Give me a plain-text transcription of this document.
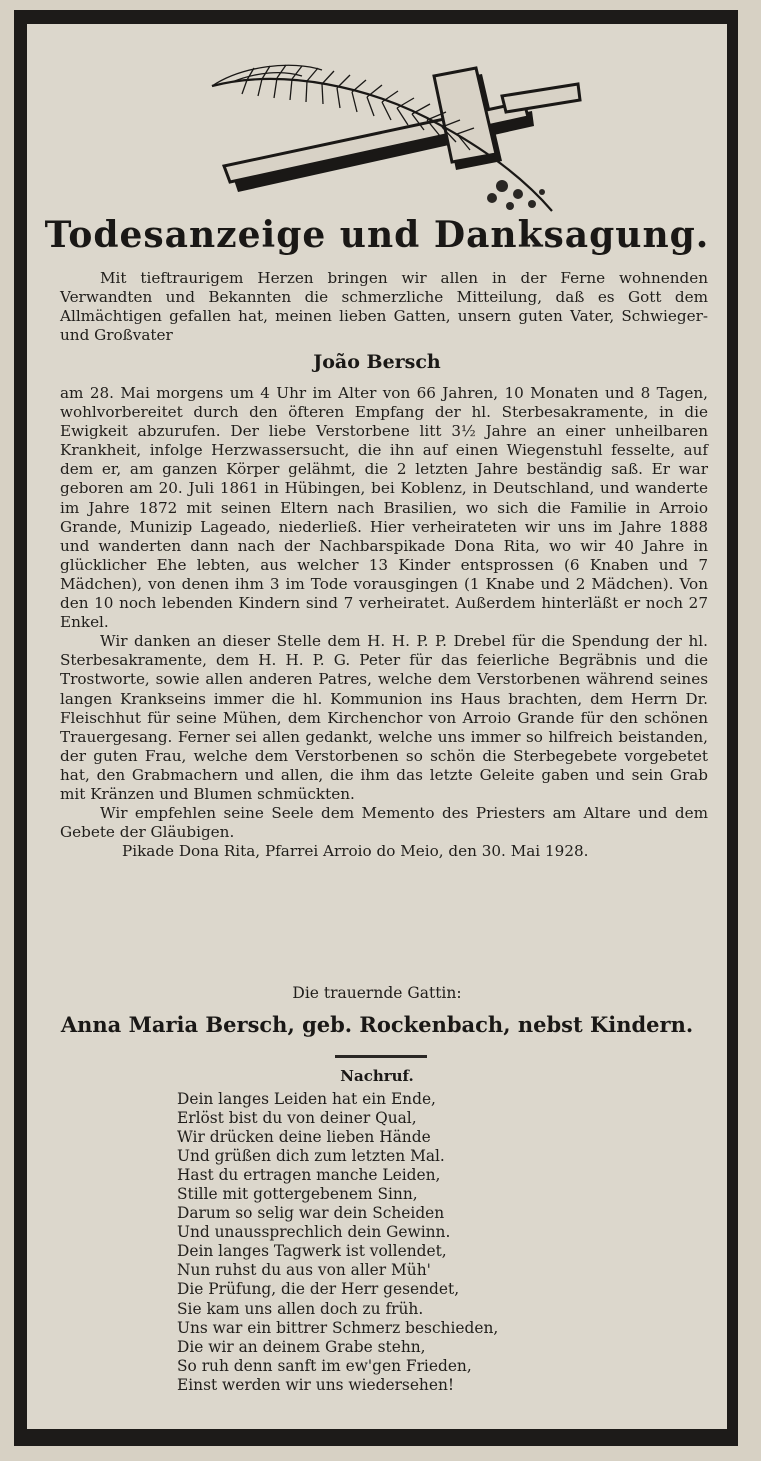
Todesanzeige und Danksagung.
Mit tieftraurigem Herzen bringen wir allen in der Ferne wohnenden Verwandten und Bekannten die schmerzliche Mitteilung, daß es Gott dem Allmächtigen gefallen hat, meinen lieben Gatten, unsern guten Vater, Schwieger- und Großvater
João Bersch

am 28. Mai morgens um 4 Uhr im Alter von 66 Jahren, 10 Monaten und 8 Tagen, wohlvorbereitet durch den öfteren Empfang der hl. Sterbesakramente, in die Ewigkeit abzurufen. Der liebe Verstorbene litt 3½ Jahre an einer unheilbaren Krankheit, infolge Herzwassersucht, die ihn auf einen Wiegenstuhl fesselte, auf dem er, am ganzen Körper gelähmt, die 2 letzten Jahre beständig saß. Er war geboren am 20. Juli 1861 in Hübingen, bei Koblenz, in Deutschland, und wanderte im Jahre 1872 mit seinen Eltern nach Brasilien, wo sich die Familie in Arroio Grande, Munizip Lageado, niederließ. Hier verheirateten wir uns im Jahre 1888 und wanderten dann nach der Nachbarspikade Dona Rita, wo wir 40 Jahre in glücklicher Ehe lebten, aus welcher 13 Kinder entsprossen (6 Knaben und 7 Mädchen), von denen ihm 3 im Tode vorausgingen (1 Knabe und 2 Mädchen). Von den 10 noch lebenden Kindern sind 7 verheiratet. Außerdem hinterläßt er noch 27 Enkel.

Wir danken an dieser Stelle dem H. H. P. P. Drebel für die Spendung der hl. Sterbesakramente, dem H. H. P. G. Peter für das feierliche Begräbnis und die Trostworte, sowie allen anderen Patres, welche dem Verstorbenen während seines langen Krankseins immer die hl. Kommunion ins Haus brachten, dem Herrn Dr. Fleischhut für seine Mühen, dem Kirchenchor von Arroio Grande für den schönen Trauergesang. Ferner sei allen gedankt, welche uns immer so hilfreich beistanden, der guten Frau, welche dem Verstorbenen so schön die Sterbegebete vorgebetet hat, den Grabmachern und allen, die ihm das letzte Geleite gaben und sein Grab mit Kränzen und Blumen schmückten.

Wir empfehlen seine Seele dem Memento des Priesters am Altare und dem Gebete der Gläubigen.

Pikade Dona Rita, Pfarrei Arroio do Meio, den 30. Mai 1928.

Die trauernde Gattin:
Anna Maria Bersch, geb. Rockenbach, nebst Kindern.
Nachruf.
Dein langes Leiden hat ein Ende,
Erlöst bist du von deiner Qual,
Wir drücken deine lieben Hände
Und grüßen dich zum letzten Mal.
Hast du ertragen manche Leiden,
Stille mit gottergebenem Sinn,
Darum so selig war dein Scheiden
Und unaussprechlich dein Gewinn.
Dein langes Tagwerk ist vollendet,
Nun ruhst du aus von aller Müh'
Die Prüfung, die der Herr gesendet,
Sie kam uns allen doch zu früh.
Uns war ein bittrer Schmerz beschieden,
Die wir an deinem Grabe stehn,
So ruh denn sanft im ew'gen Frieden,
Einst werden wir uns wiedersehen!
